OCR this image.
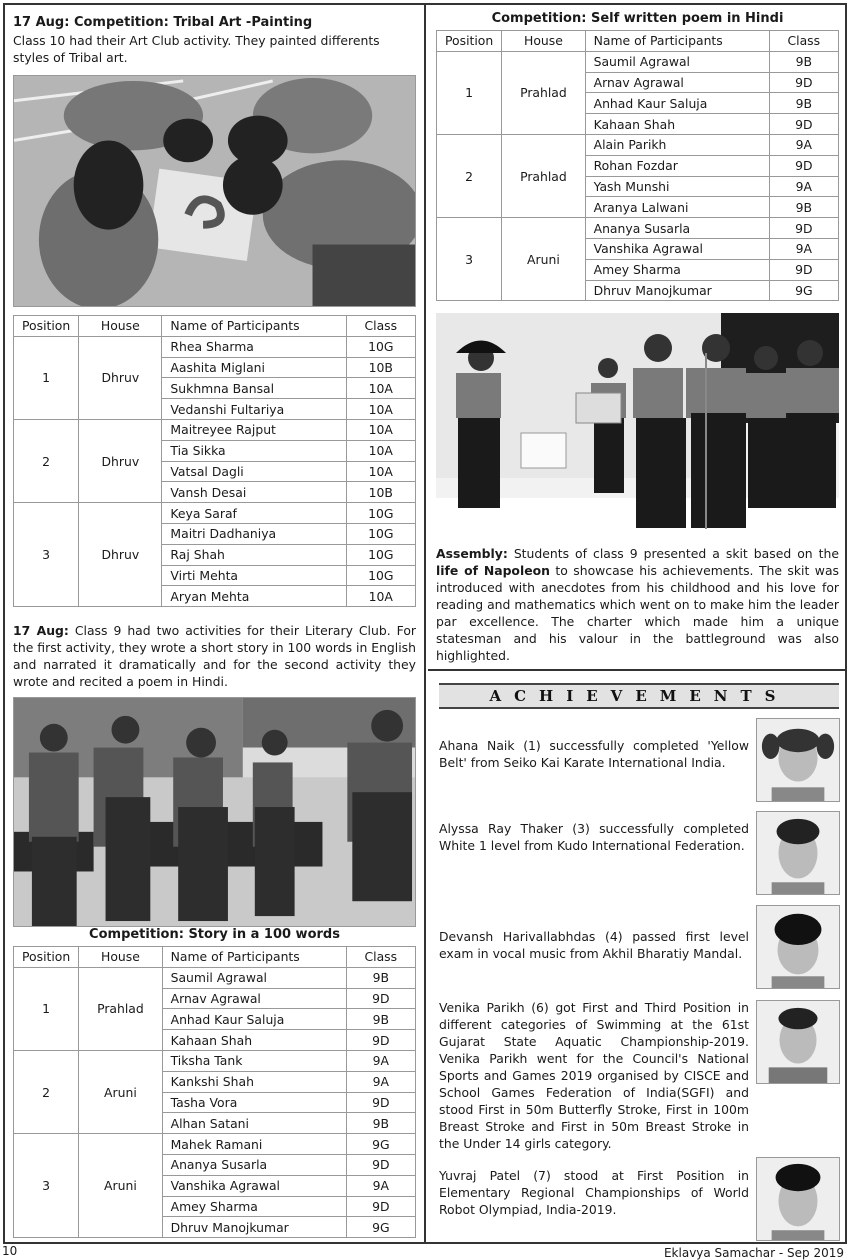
17 Aug: Competition: Tribal Art -Painting
Class 10 had their Art Club activity. They painted differents styles of Tribal art.
Position	House	Name of Participants	Class
1	Dhruv	Rhea Sharma	10G
		Aashita Miglani	10B
		Sukhmna Bansal	10A
		Vedanshi Fultariya	10A
2	Dhruv	Maitreyee Rajput	10A
		Tia Sikka	10A
		Vatsal Dagli	10A
		Vansh Desai	10B
3	Dhruv	Keya Saraf	10G
		Maitri Dadhaniya	10G
		Raj Shah	10G
		Virti Mehta	10G
		Aryan Mehta	10A
17 Aug: Class 9 had two activities for their Literary Club. For the first activity, they wrote a short story in 100 words in English and narrated it dramatically and for the second activity they wrote and recited a poem in Hindi.
Competition: Story in a 100 words
Position	House	Name of Participants	Class
1	Prahlad	Saumil Agrawal	9B
		Arnav Agrawal	9D
		Anhad Kaur Saluja	9B
		Kahaan Shah	9D
2	Aruni	Tiksha Tank	9A
		Kankshi Shah	9A
		Tasha Vora	9D
		Alhan Satani	9B
3	Aruni	Mahek Ramani	9G
		Ananya Susarla	9D
		Vanshika Agrawal	9A
		Amey Sharma	9D
		Dhruv Manojkumar	9G
Competition: Self written poem in Hindi
Position	House	Name of Participants	Class
1	Prahlad	Saumil Agrawal	9B
		Arnav Agrawal	9D
		Anhad Kaur Saluja	9B
		Kahaan Shah	9D
2	Prahlad	Alain Parikh	9A
		Rohan Fozdar	9D
		Yash Munshi	9A
		Aranya Lalwani	9B
3	Aruni	Ananya Susarla	9D
		Vanshika Agrawal	9A
		Amey Sharma	9D
		Dhruv Manojkumar	9G
Assembly: Students of class 9 presented a skit based on the life of Napoleon to showcase his achievements. The skit was introduced with anecdotes from his childhood and his love for reading and mathematics which went on to make him the leader par excellence. The charter which made him a unique statesman and his valour in the battleground was also highlighted.
ACHIEVEMENTS
Ahana Naik (1) successfully completed 'Yellow Belt' from Seiko Kai Karate International India.
Alyssa Ray Thaker (3) successfully completed White 1 level from Kudo International Federation.
Devansh Harivallabhdas (4) passed first level exam in vocal music from Akhil Bharatiy Mandal.
Venika Parikh (6) got First and Third Position in different categories of Swimming at the 61st Gujarat State Aquatic Championship-2019. Venika Parikh went for the Council's National Sports and Games 2019 organised by CISCE and School Games Federation of India(SGFI) and stood First in 50m Butterfly Stroke, First in 100m Breast Stroke and First in 50m Breast Stroke in the Under 14 girls category.
Yuvraj Patel (7) stood at First Position in Elementary Regional Championships of World Robot Olympiad, India-2019.
10	Eklavya Samachar - Sep 2019
